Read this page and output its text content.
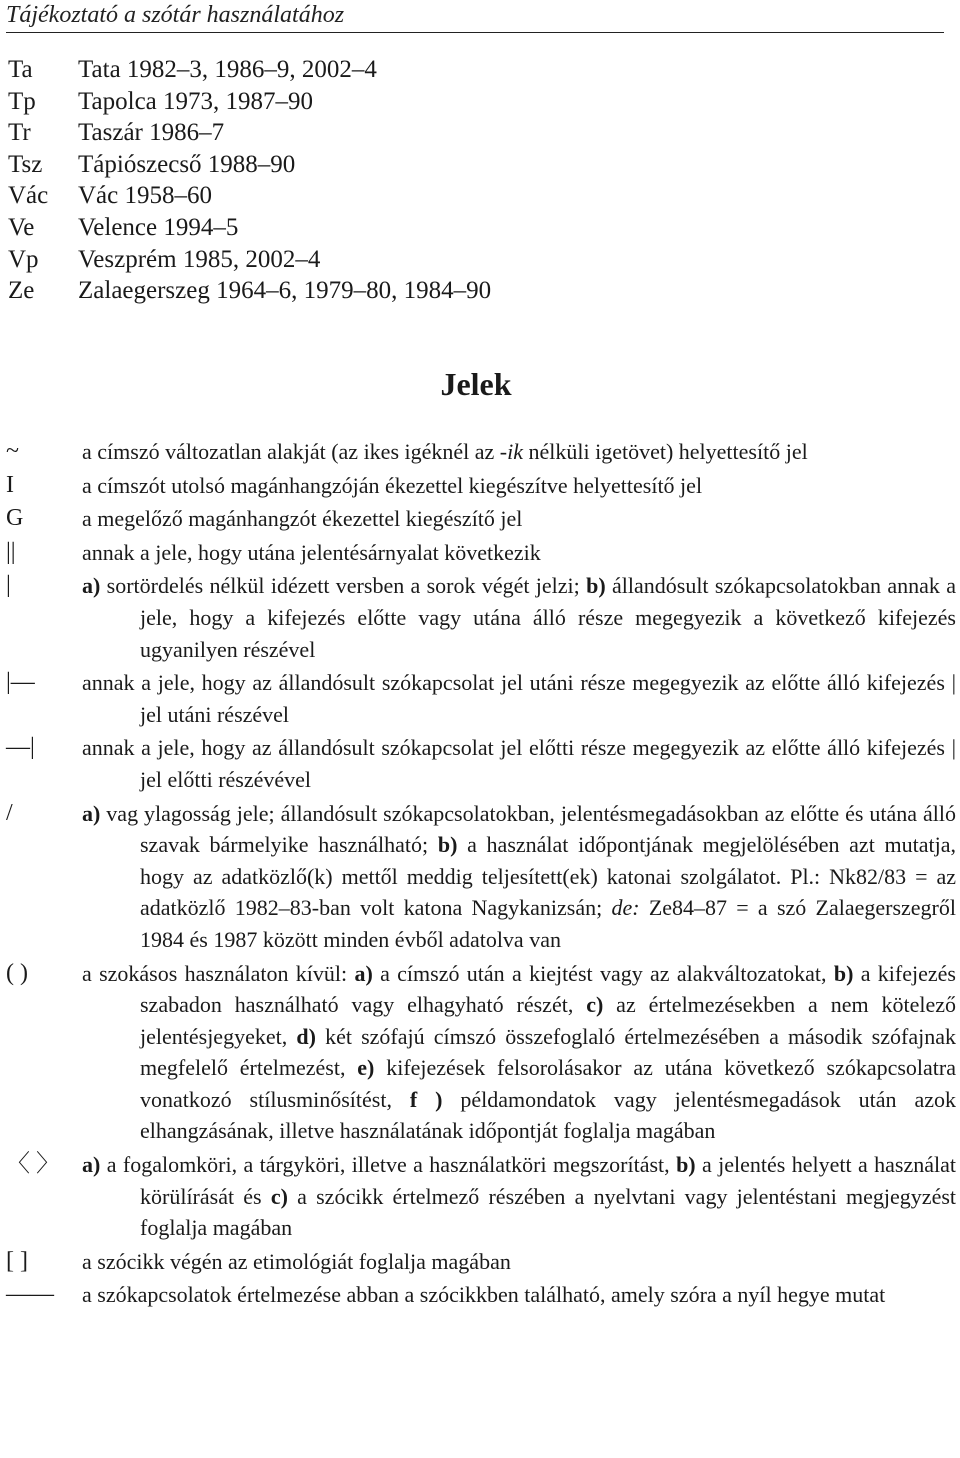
Tájékoztató a szótár használatához
Ta Tata 1982–3, 1986–9, 2002–4
Tp Tapolca 1973, 1987–90
Tr Taszár 1986–7
Tsz Tápiószecső 1988–90
Vác Vác 1958–60
Ve Velence 1994–5
Vp Veszprém 1985, 2002–4
Ze Zalaegerszeg 1964–6, 1979–80, 1984–90
Jelek
~	a címszó változatlan alakját (az ikes igéknél az -ik nélküli igetövet) helyettesítő jel
I	a címszót utolsó magánhangzóján ékezettel kiegészítve helyettesítő jel
G	a megelőző magánhangzót ékezettel kiegészítő jel
||	annak a jele, hogy utána jelentésárnyalat következik
|	a) sortördelés nélkül idézett versben a sorok végét jelzi; b) állandósult szókapcsolatokban annak a jele, hogy a kifejezés előtte vagy utána álló része megegyezik a következő kifejezés ugyanilyen részével
|— annak a jele, hogy az állandósult szókapcsolat jel utáni része megegyezik az előtte álló kifejezés | jel utáni részével
—| annak a jele, hogy az állandósult szókapcsolat jel előtti része megegyezik az előtte álló kifejezés | jel előtti részévével
/	a) vag ylagosság jele; állandósult szókapcsolatokban, jelentésmegadásokban az előtte és utána álló szavak bármelyike használható; b) a használat időpontjának megjelölésében azt mutatja, hogy az adatközlő(k) mettől meddig teljesített(ek) katonai szolgálatot. Pl.: Nk82/83 = az adatközlő 1982–83-ban volt katona Nagykanizsán; de: Ze84–87 = a szó Zalaegerszegről 1984 és 1987 között minden évből adatolva van
( ) a szokásos használaton kívül: a) a címszó után a kiejtést vagy az alakváltozatokat, b) a kifejezés szabadon használható vagy elhagyható részét, c) az értelmezésekben a nem kötelező jelentésjegyeket, d) két szófajú címszó összefoglaló értelmezésében a második szófajnak megfelelő értelmezést, e) kifejezések felsorolásakor az utána következő szókapcsolatra vonatkozó stílusminősítést, f ) példamondatok vagy jelentésmegadások után azok elhangzásának, illetve használatának időpontját foglalja magában
〈 〉 a) a fogalomköri, a tárgyköri, illetve a használatköri megszorítást, b) a jelentés helyett a használat körülírását és c) a szócikk értelmező részében a nyelvtani vagy jelentéstani megjegyzést foglalja magában
[ ] a szócikk végén az etimológiát foglalja magában
—— a szókapcsolatok értelmezése abban a szócikkben található, amely szóra a nyíl hegye mutat
